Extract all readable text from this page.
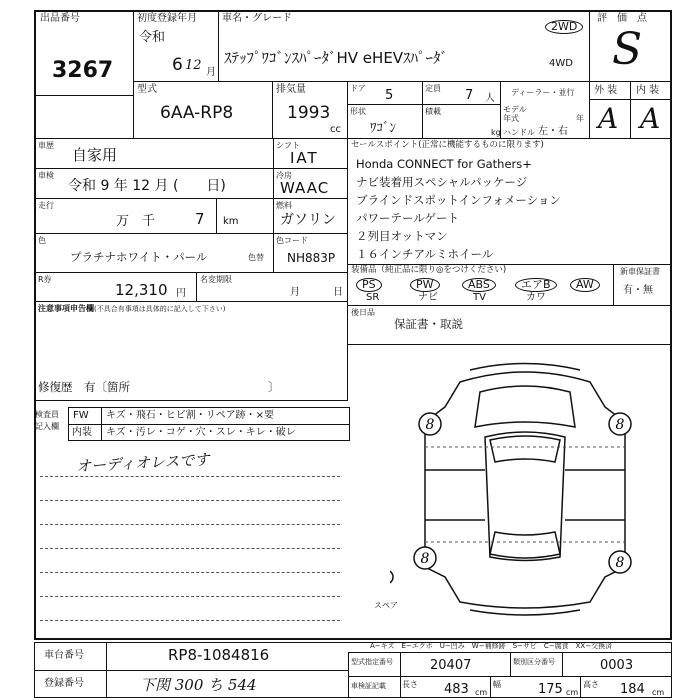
出品番号
3267
初度登録年月
令和
6 12 月
車名・グレード
ｽﾃｯﾌﾟﾜｺﾞﾝｽﾊﾟｰﾀﾞHV eHEVｽﾊﾟｰﾀﾞ
2WD
4WD
評　価　点
S
外 装 内 装
A A
型式
6AA-RP8
排気量
1993
cc
ドア 5	定員 7 人
形状
ﾜｺﾞﾝ
積載
kg
ディーラー・並行
モデル年式	年
ハンドル 左・右
車歴
自家用
車検
令和 9 年 12 月 (　　日)
走行
万　千	7 km
色
プラチナホワイト・パール	色替
シフト
IAT
冷房
WAAC
燃料
ガソリン
色コード
NH883P
R券
12,310 円
名変期限
月	日
セールスポイント(正常に機能するものに限ります)
Honda CONNECT for Gathers+
ナビ装着用スペシャルパッケージ
ブラインドスポットインフォメーション
パワーテールゲート
２列目オットマン
１６インチアルミホイール
装備品（純正品に限り◎をつけください)
PS	PW	ABS	エアB	AW
SR	ナビ	TV	カワ
新車保証書
有・無
注意事項申告欄(不具合有事項は具体的に記入して下さい)
修復歴　有〔箇所　　　　　　　　　　　　〕
後日品
保証書・取説
検査員
記入欄
FW キズ・飛石・ヒビ割・リペア跡・×要
内装 キズ・汚レ・コゲ・穴・スレ・キレ・破レ
オーディオレスです
8	8
8	8
スペア
A−キズ　E−エクボ　U−凹み　W−補修跡　S−サビ　C−腐食　XX−交換済
車台番号	RP8-1084816
登録番号	下関 300 ち 544
型式指定番号	20407	類別区分番号	0003
車検証記載 長さ 483 cm
幅	175 cm
高さ 184 cm
